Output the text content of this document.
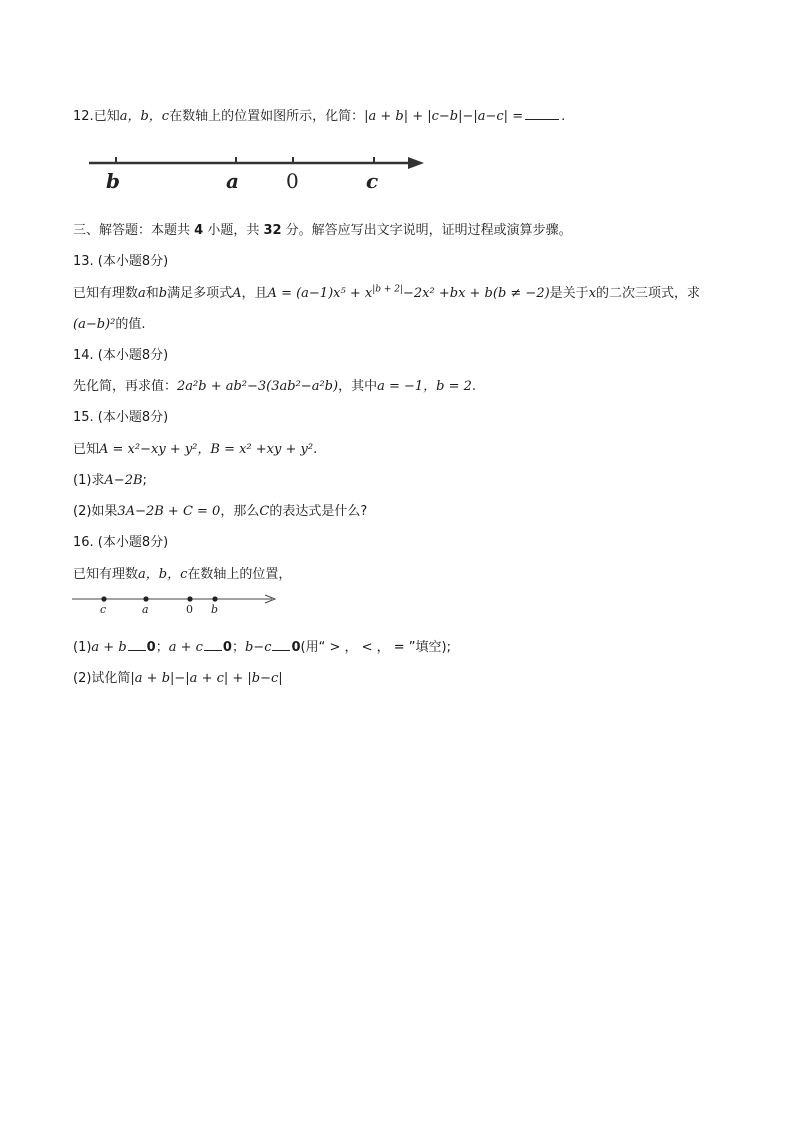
12.已知a，b，c在数轴上的位置如图所示，化简：|a + b| + |c−b|−|a−c| =	.
b	a 0	c
三、解答题：本题共 4 小题，共 32 分。解答应写出文字说明，证明过程或演算步骤。
13. (本小题8分)
已知有理数a和b满足多项式A，且$A = (a-1)x^5 + x^{|b + 2|}-2x^2 +bx + b(b \ne -2)$是关于x的二次三项式，求
(a−b)²的值.
14. (本小题8分)
先化简，再求值：2a²b + ab²−3(3ab²−a²b)，其中a = −1，b = 2.
15. (本小题8分)
已知A = x²−xy + y²，B = x² +xy + y².
(1)求A−2B;
(2)如果3A−2B + C = 0，那么C的表达式是什么?
16. (本小题8分)
已知有理数a，b，c在数轴上的位置，
c	a	0 b
(1)a + b 0；a + c 0；b−c 0(用“ > ， < ， = ”填空);
(2)试化简|a + b|−|a + c| + |b−c|
